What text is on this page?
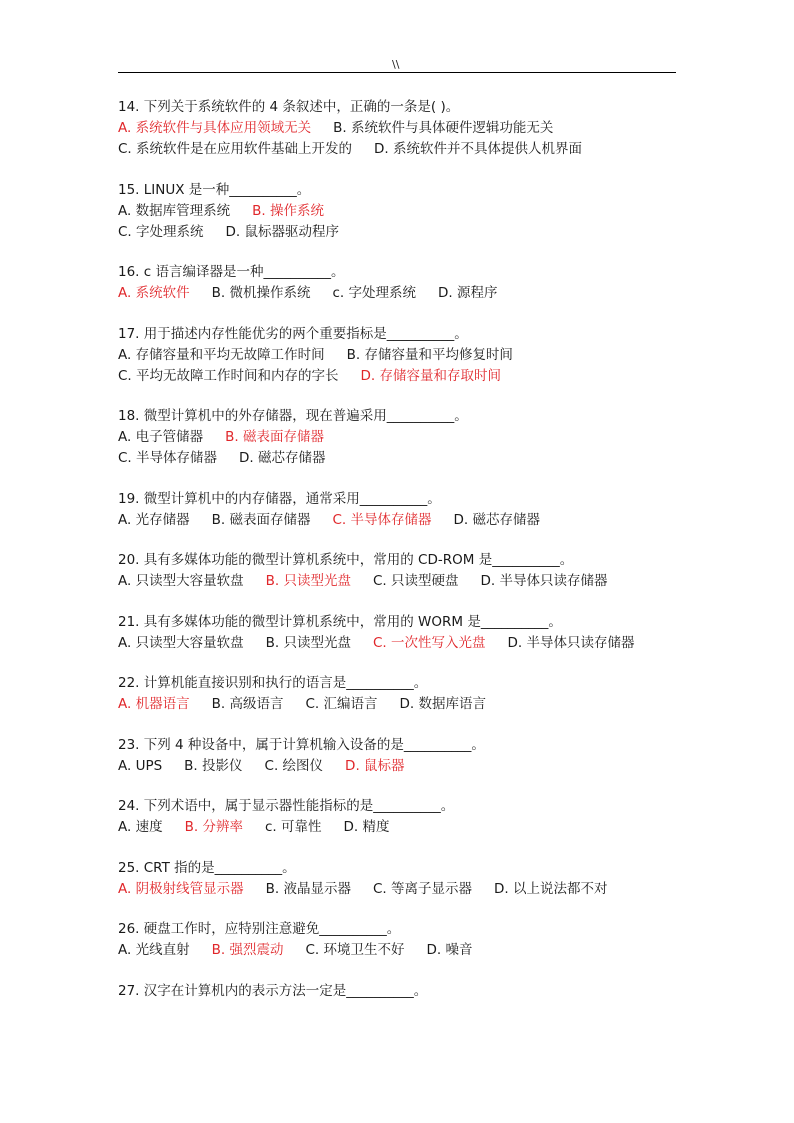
\\
14. 下列关于系统软件的 4 条叙述中，正确的一条是( )。
A. 系统软件与具体应用领域无关 B. 系统软件与具体硬件逻辑功能无关
C. 系统软件是在应用软件基础上开发的 D. 系统软件并不具体提供人机界面
15. LINUX 是一种__________。
A. 数据库管理系统 B. 操作系统
C. 字处理系统 D. 鼠标器驱动程序
16. c 语言编译器是一种__________。
A. 系统软件 B. 微机操作系统 c. 字处理系统 D. 源程序
17. 用于描述内存性能优劣的两个重要指标是__________。
A. 存储容量和平均无故障工作时间 B. 存储容量和平均修复时间
C. 平均无故障工作时间和内存的字长 D. 存储容量和存取时间
18. 微型计算机中的外存储器，现在普遍采用__________。
A. 电子管储器 B. 磁表面存储器
C. 半导体存储器 D. 磁芯存储器
19. 微型计算机中的内存储器，通常采用__________。
A. 光存储器 B. 磁表面存储器 C. 半导体存储器 D. 磁芯存储器
20. 具有多媒体功能的微型计算机系统中，常用的 CD-ROM 是__________。
A. 只读型大容量软盘 B. 只读型光盘 C. 只读型硬盘 D. 半导体只读存储器
21. 具有多媒体功能的微型计算机系统中，常用的 WORM 是__________。
A. 只读型大容量软盘 B. 只读型光盘 C. 一次性写入光盘 D. 半导体只读存储器
22. 计算机能直接识别和执行的语言是__________。
A. 机器语言 B. 高级语言 C. 汇编语言 D. 数据库语言
23. 下列 4 种设备中，属于计算机输入设备的是__________。
A. UPS B. 投影仪 C. 绘图仪 D. 鼠标器
24. 下列术语中，属于显示器性能指标的是__________。
A. 速度 B. 分辨率 c. 可靠性 D. 精度
25. CRT 指的是__________。
A. 阴极射线管显示器 B. 液晶显示器 C. 等离子显示器 D. 以上说法都不对
26. 硬盘工作时，应特别注意避免__________。
A. 光线直射 B. 强烈震动 C. 环境卫生不好 D. 噪音
27. 汉字在计算机内的表示方法一定是__________。
